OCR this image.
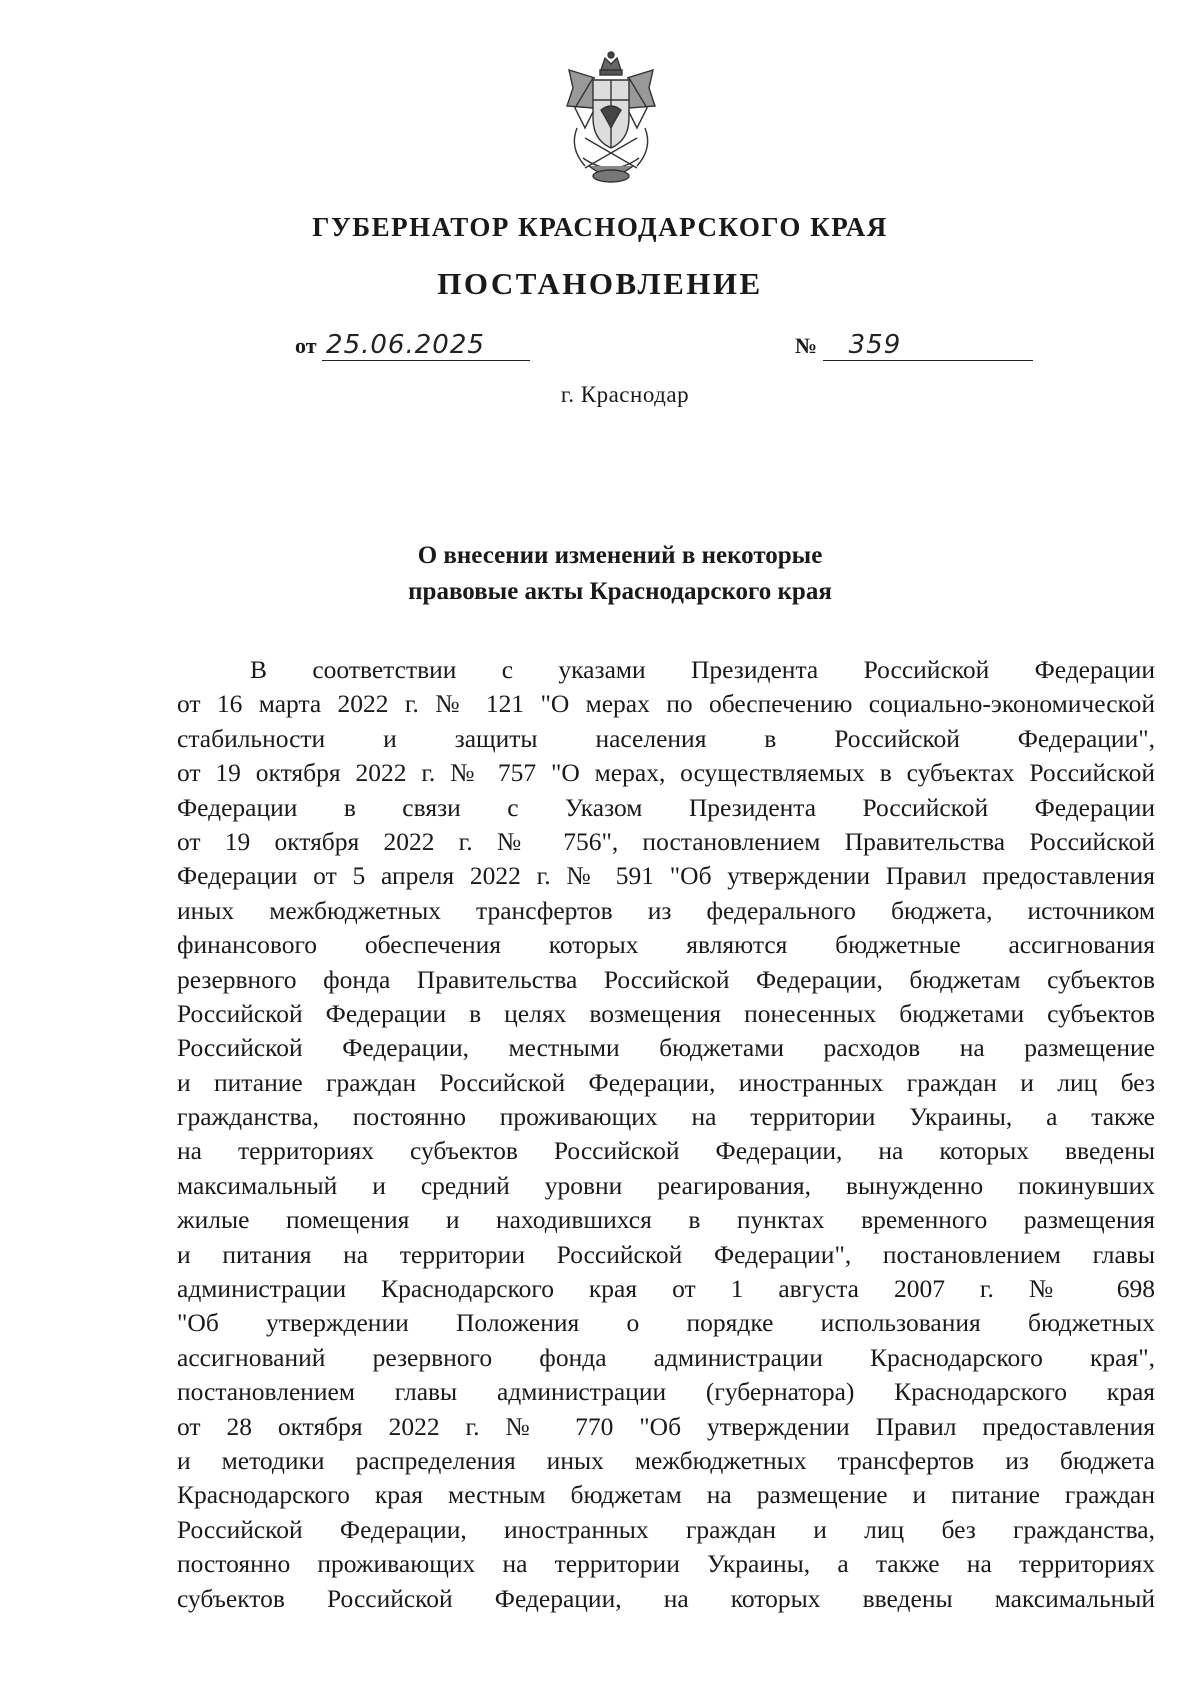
ГУБЕРНАТОР КРАСНОДАРСКОГО КРАЯ
ПОСТАНОВЛЕНИЕ
от 25.06.2025	№ 359
г. Краснодар
О внесении изменений в некоторые
правовые акты Краснодарского края
В соответствии с указами Президента Российской Федерации
от 16 марта 2022 г. № 121 "О мерах по обеспечению социально-экономической
стабильности и защиты населения в Российской Федерации",
от 19 октября 2022 г. № 757 "О мерах, осуществляемых в субъектах Российской
Федерации в связи с Указом Президента Российской Федерации
от 19 октября 2022 г. № 756", постановлением Правительства Российской
Федерации от 5 апреля 2022 г. № 591 "Об утверждении Правил предоставления
иных межбюджетных трансфертов из федерального бюджета, источником
финансового обеспечения которых являются бюджетные ассигнования
резервного фонда Правительства Российской Федерации, бюджетам субъектов
Российской Федерации в целях возмещения понесенных бюджетами субъектов
Российской Федерации, местными бюджетами расходов на размещение
и питание граждан Российской Федерации, иностранных граждан и лиц без
гражданства, постоянно проживающих на территории Украины, а также
на территориях субъектов Российской Федерации, на которых введены
максимальный и средний уровни реагирования, вынужденно покинувших
жилые помещения и находившихся в пунктах временного размещения
и питания на территории Российской Федерации", постановлением главы
администрации Краснодарского края от 1 августа 2007 г. № 698
"Об утверждении Положения о порядке использования бюджетных
ассигнований резервного фонда администрации Краснодарского края",
постановлением главы администрации (губернатора) Краснодарского края
от 28 октября 2022 г. № 770 "Об утверждении Правил предоставления
и методики распределения иных межбюджетных трансфертов из бюджета
Краснодарского края местным бюджетам на размещение и питание граждан
Российской Федерации, иностранных граждан и лиц без гражданства,
постоянно проживающих на территории Украины, а также на территориях
субъектов Российской Федерации, на которых введены максимальный
